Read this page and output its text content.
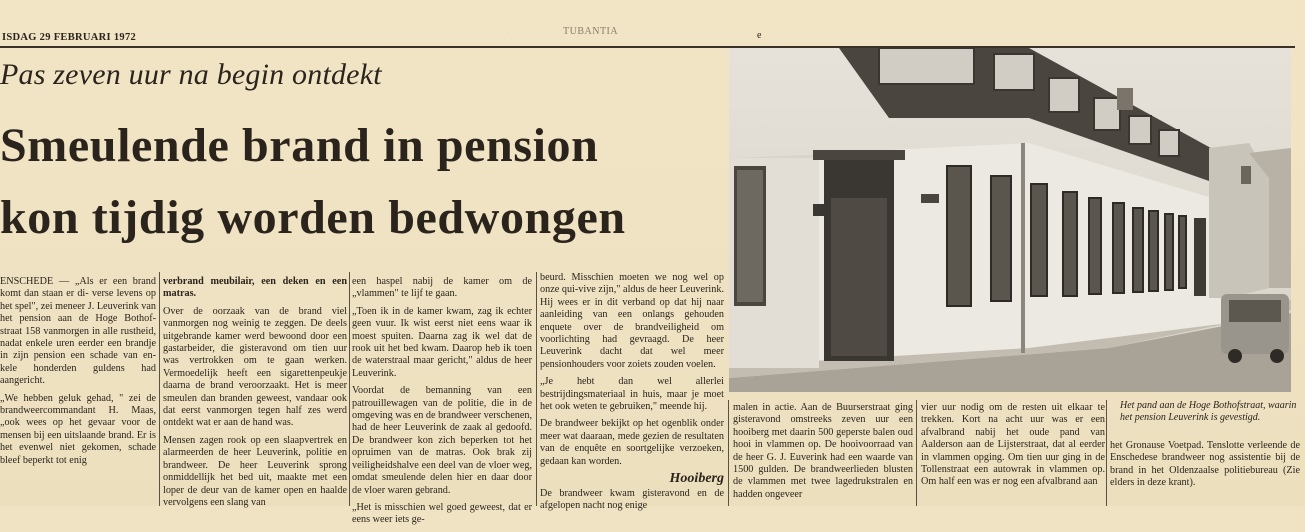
ISDAG 29 FEBRUARI 1972
TUBANTIA	e
Pas zeven uur na begin ontdekt
Smeulende brand in pension
kon tijdig worden bedwongen

ENSCHEDE — „Als er een brand komt dan staan er di- verse levens op het spel", zei meneer J. Leuverink van het pension aan de Hoge Bothof- straat 158 vanmorgen in alle rustheid, nadat enkele uren eerder een brandje in zijn pension een schade van en- kele honderden guldens had aangericht.

„We hebben geluk gehad, " zei de brandweercommandant H. Maas, „ook wees op het gevaar voor de mensen bij een uitslaande brand. Er is het evenwel niet gekomen, schade bleef beperkt tot enig

verbrand meubilair, een deken en een matras.

Over de oorzaak van de brand viel vanmorgen nog weinig te zeggen. De deels uitgebrande kamer werd bewoond door een gastarbeider, die gisteravond om tien uur was vertrokken om te gaan werken. Vermoedelijk heeft een sigarettenpeukje daarna de brand veroorzaakt. Het is meer smeulen dan branden geweest, vandaar ook dat eerst vanmorgen tegen half zes werd ontdekt wat er aan de hand was.

Mensen zagen rook op een slaapvertrek en alarmeerden de heer Leuverink, politie en brandweer. De heer Leuverink sprong onmiddellijk het bed uit, maakte met een loper de deur van de kamer open en haalde vervolgens een slang van

een haspel nabij de kamer om de „vlammen" te lijf te gaan.

„Toen ik in de kamer kwam, zag ik echter geen vuur. Ik wist eerst niet eens waar ik moest spuiten. Daarna zag ik wel dat de rook uit het bed kwam. Daarop heb ik toen de waterstraal maar gericht," aldus de heer Leuverink.

Voordat de bemanning van een patrouillewagen van de politie, die in de omgeving was en de brandweer verschenen, had de heer Leuverink de zaak al gedoofd. De brandweer kon zich beperken tot het opruimen van de matras. Ook brak zij veiligheidshalve een deel van de vloer weg, omdat smeulende delen hier en daar door de vloer waren gebrand.

„Het is misschien wel goed geweest, dat er eens weer iets ge-

beurd. Misschien moeten we nog wel op onze qui-vive zijn," aldus de heer Leuverink. Hij wees er in dit verband op dat hij naar aanleiding van een onlangs gehouden enquete over de brandveiligheid om voorlichting had gevraagd. De heer Leuverink dacht dat wel meer pensionhouders voor zoiets zouden voelen.

„Je hebt dan wel allerlei bestrijdingsmateriaal in huis, maar je moet het ook weten te gebruiken," meende hij.

De brandweer bekijkt op het ogenblik onder meer wat daaraan, mede gezien de resultaten van de enquête en soortgelijke verzoeken, gedaan kan worden.

Hooiberg

De brandweer kwam gisteravond en de afgelopen nacht nog enige

malen in actie. Aan de Buurserstraat ging gisteravond omstreeks zeven uur een hooiberg met daarin 500 geperste balen oud hooi in vlammen op. De hooivoorraad van de heer G. J. Euverink had een waarde van 1500 gulden. De brandweerlieden blusten de vlammen met twee lagedrukstralen en hadden ongeveer

vier uur nodig om de resten uit elkaar te trekken. Kort na acht uur was er een afvalbrand nabij het oude pand van Aalderson aan de Lijsterstraat, dat al eerder in vlammen opging. Om tien uur ging in de Tollenstraat een autowrak in vlammen op. Om half een was er nog een afvalbrand aan

Het pand aan de Hoge Bothofstraat, waarin het pension Leuverink is gevestigd.

het Gronause Voetpad. Tenslotte verleende de Enschedese brandweer nog assistentie bij de brand in het Oldenzaalse politiebureau (Zie elders in deze krant).
